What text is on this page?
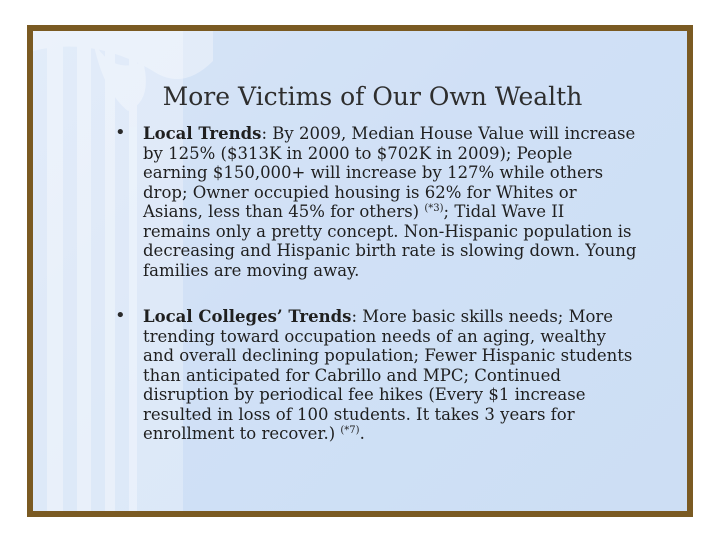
More Victims of Our Own Wealth
• Local Trends: By 2009, Median House Value will increase by 125% ($313K in 2000 to $702K in 2009); People earning $150,000+ will increase by 127% while others drop; Owner occupied housing is 62% for Whites or Asians, less than 45% for others) $^{(*3)}$; Tidal Wave II remains only a pretty concept. Non-Hispanic population is decreasing and Hispanic birth rate is slowing down. Young families are moving away.
• Local Colleges’ Trends: More basic skills needs; More trending toward occupation needs of an aging, wealthy and overall declining population; Fewer Hispanic students than anticipated for Cabrillo and MPC; Continued disruption by periodical fee hikes (Every $1 increase resulted in loss of 100 students. It takes 3 years for enrollment to recover.) $^{(*7)}$.
